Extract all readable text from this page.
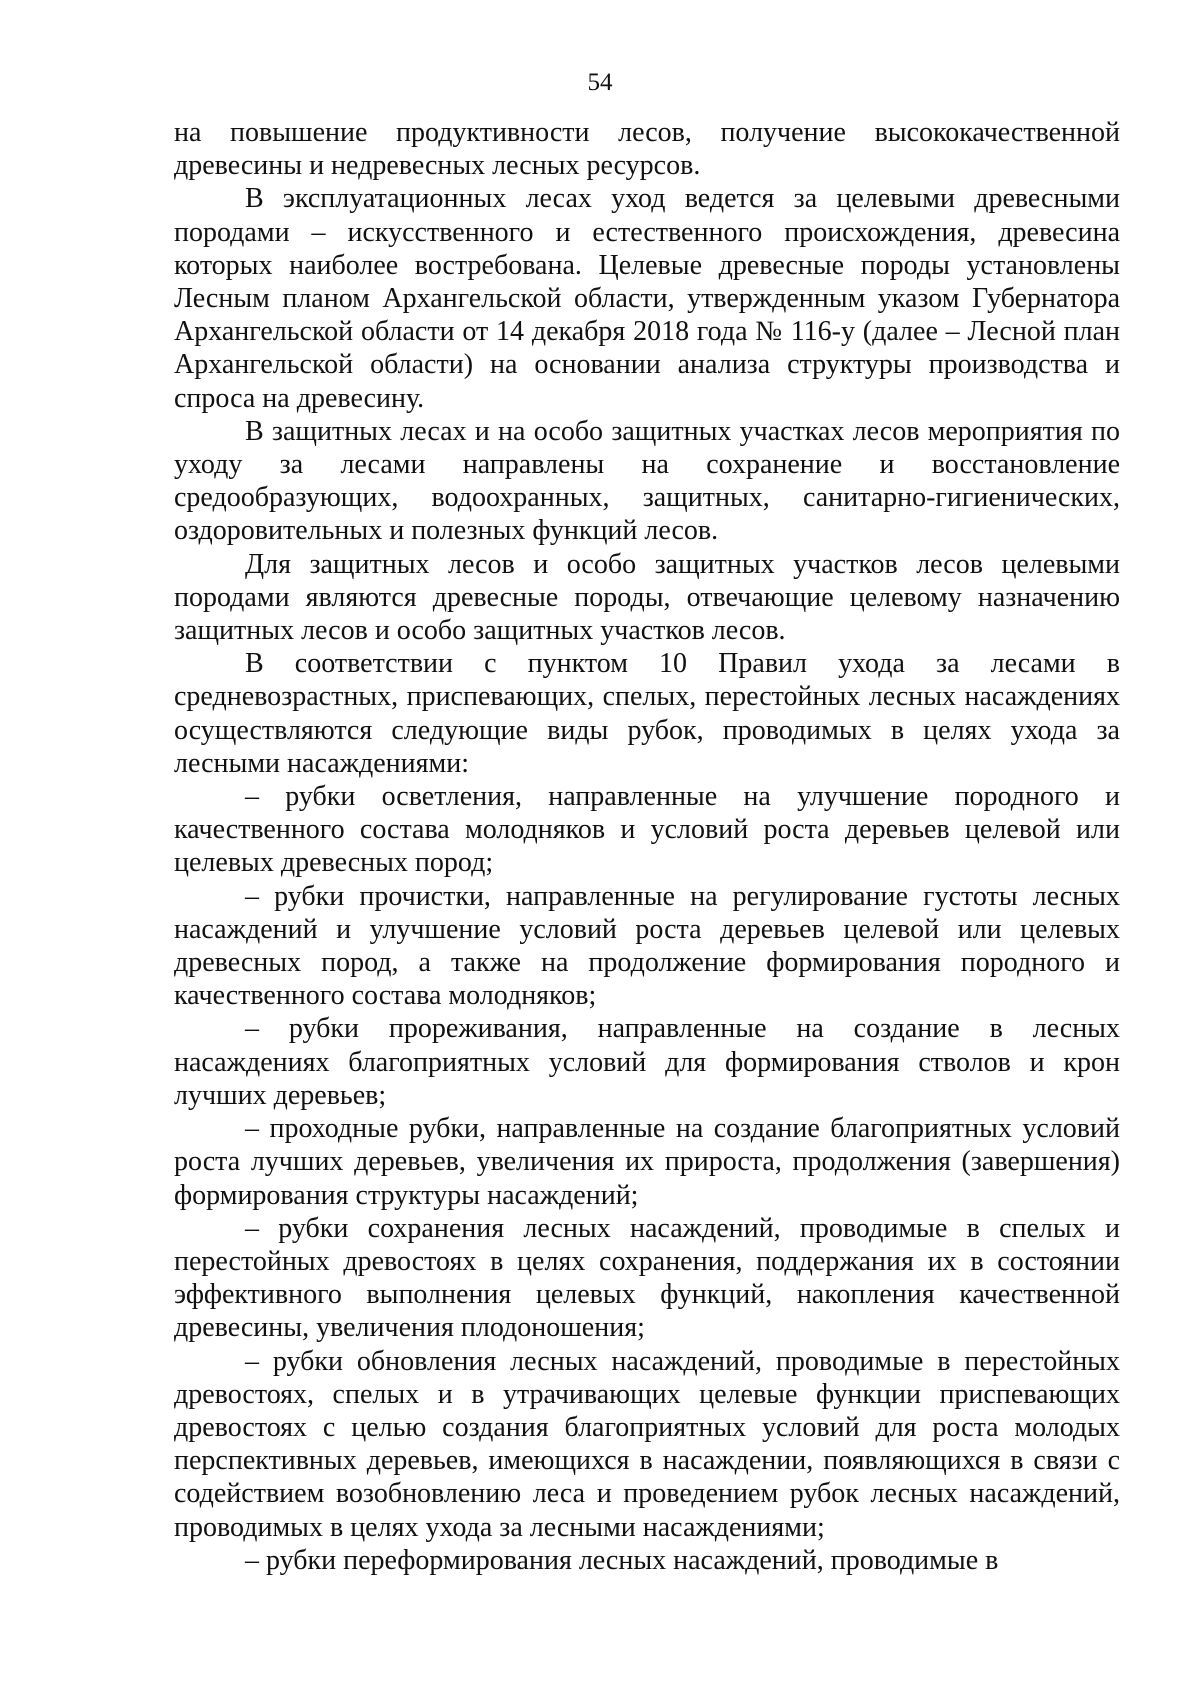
54

на повышение продуктивности лесов, получение высококачественной древесины и недревесных лесных ресурсов.

В эксплуатационных лесах уход ведется за целевыми древесными породами – искусственного и естественного происхождения, древесина которых наиболее востребована. Целевые древесные породы установлены Лесным планом Архангельской области, утвержденным указом Губернатора Архангельской области от 14 декабря 2018 года № 116-у (далее – Лесной план Архангельской области) на основании анализа структуры производства и спроса на древесину.

В защитных лесах и на особо защитных участках лесов мероприятия по уходу за лесами направлены на сохранение и восстановление средообразующих, водоохранных, защитных, санитарно-гигиенических, оздоровительных и полезных функций лесов.

Для защитных лесов и особо защитных участков лесов целевыми породами являются древесные породы, отвечающие целевому назначению защитных лесов и особо защитных участков лесов.

В соответствии с пунктом 10 Правил ухода за лесами в средневозрастных, приспевающих, спелых, перестойных лесных насаждениях осуществляются следующие виды рубок, проводимых в целях ухода за лесными насаждениями:

– рубки осветления, направленные на улучшение породного и качественного состава молодняков и условий роста деревьев целевой или целевых древесных пород;

– рубки прочистки, направленные на регулирование густоты лесных насаждений и улучшение условий роста деревьев целевой или целевых древесных пород, а также на продолжение формирования породного и качественного состава молодняков;

– рубки прореживания, направленные на создание в лесных насаждениях благоприятных условий для формирования стволов и крон лучших деревьев;

– проходные рубки, направленные на создание благоприятных условий роста лучших деревьев, увеличения их прироста, продолжения (завершения) формирования структуры насаждений;

– рубки сохранения лесных насаждений, проводимые в спелых и перестойных древостоях в целях сохранения, поддержания их в состоянии эффективного выполнения целевых функций, накопления качественной древесины, увеличения плодоношения;

– рубки обновления лесных насаждений, проводимые в перестойных древостоях, спелых и в утрачивающих целевые функции приспевающих древостоях с целью создания благоприятных условий для роста молодых перспективных деревьев, имеющихся в насаждении, появляющихся в связи с содействием возобновлению леса и проведением рубок лесных насаждений, проводимых в целях ухода за лесными насаждениями;

– рубки переформирования лесных насаждений, проводимые в
